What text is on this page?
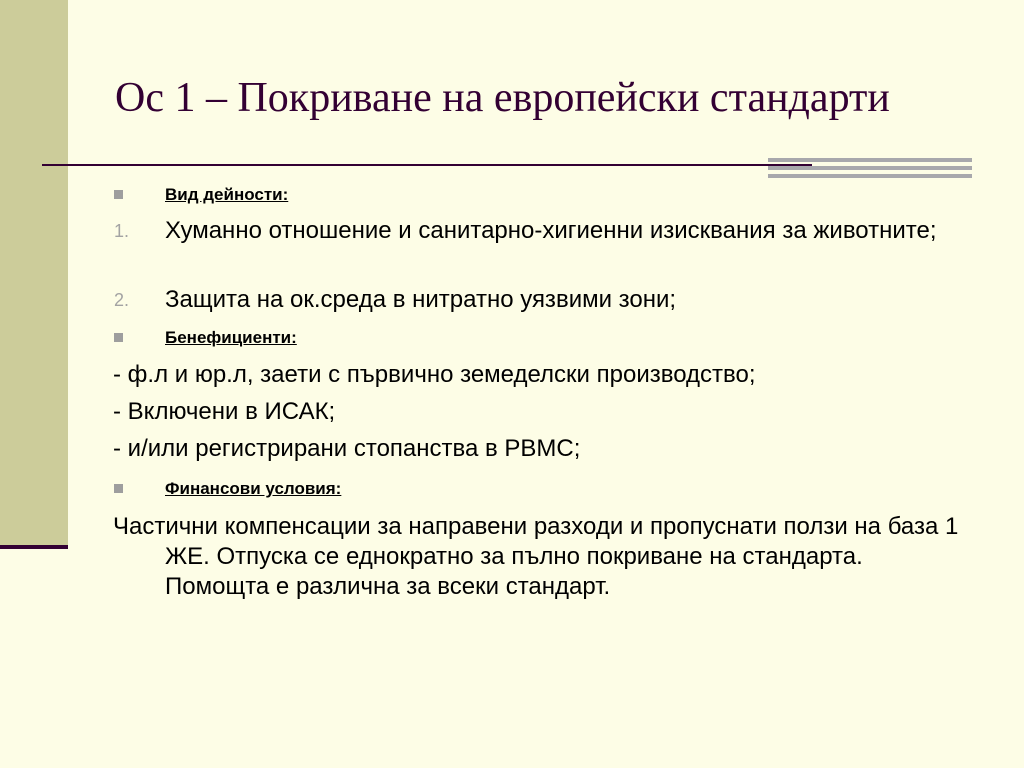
Ос 1 – Покриване на европейски стандарти
Вид дейности:
1. Хуманно отношение и санитарно-хигиенни изисквания за животните;
2. Защита на ок.среда в нитратно уязвими зони;
Бенефициенти:
- ф.л и юр.л, заети с първично земеделски производство;
- Включени в ИСАК;
- и/или регистрирани стопанства в РВМС;
Финансови условия:
Частични компенсации за направени разходи и пропуснати ползи на база 1 ЖЕ. Отпуска се еднократно за пълно покриване на стандарта. Помощта е различна за всеки стандарт.
